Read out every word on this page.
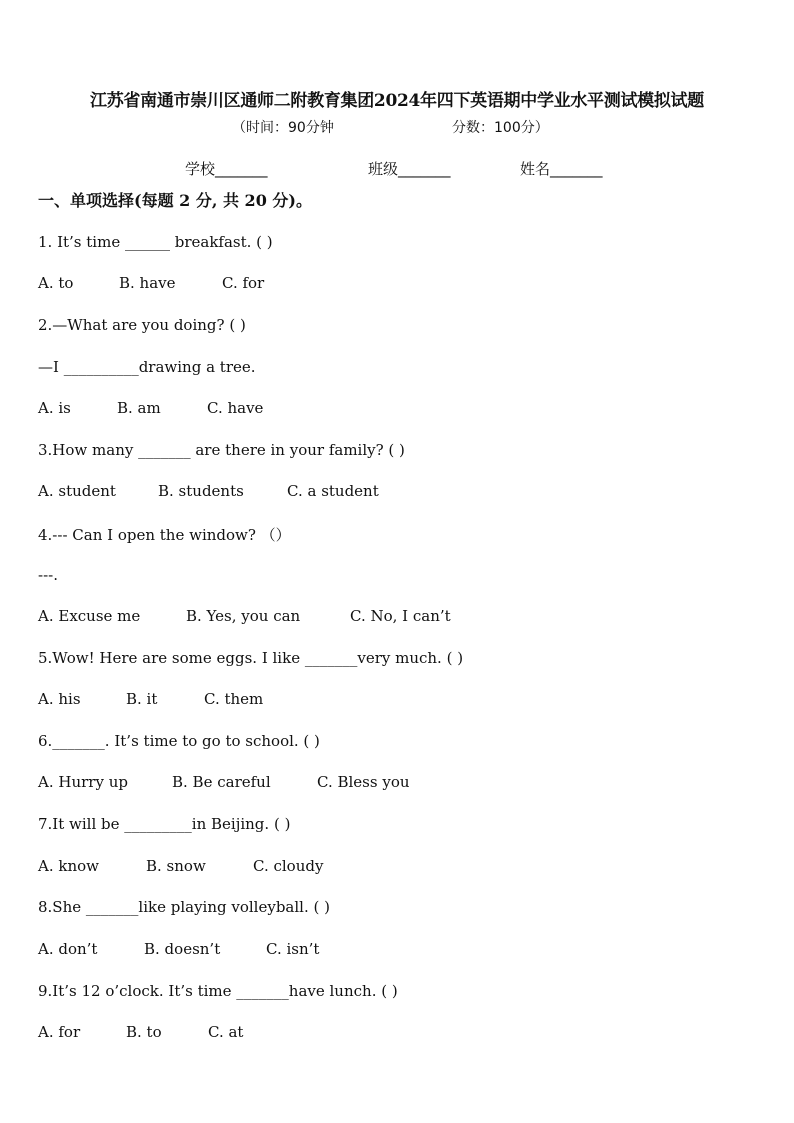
江苏省南通市崇川区通师二附教育集团2024年四下英语期中学业水平测试模拟试题
（时间：90分钟	分数：100分）
学校_______	班级_______	姓名_______
一、单项选择(每题 2 分, 共 20 分)。
1. It’s time ______ breakfast. ( )
A. to	B. have	C. for
2.—What are you doing? ( )
—I __________drawing a tree.
A. is	B. am	C. have
3.How many _______ are there in your family? ( )
A. student	B. students	C. a student
4.--- Can I open the window? （）
---.
A. Excuse me	B. Yes, you can	C. No, I can’t
5.Wow! Here are some eggs. I like _______very much. ( )
A. his	B. it	C. them
6._______. It’s time to go to school. ( )
A. Hurry up	B. Be careful	C. Bless you
7.It will be _________in Beijing. ( )
A. know	B. snow	C. cloudy
8.She _______like playing volleyball. ( )
A. don’t	B. doesn’t	C. isn’t
9.It’s 12 o’clock. It’s time _______have lunch. ( )
A. for	B. to	C. at
